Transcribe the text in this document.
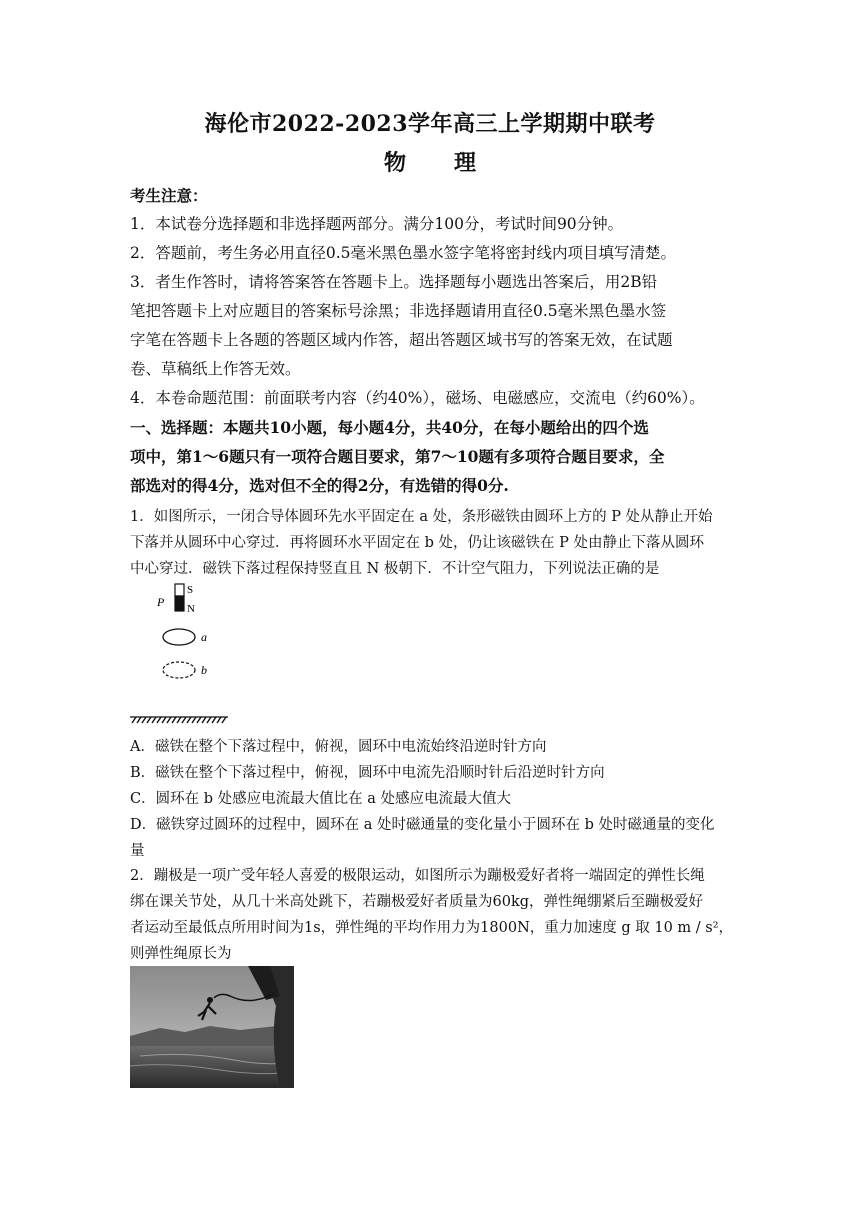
海伦市2022-2023学年高三上学期期中联考
物理
考生注意：
1．本试卷分选择题和非选择题两部分。满分100分，考试时间90分钟。
2．答题前，考生务必用直径0.5毫米黑色墨水签字笔将密封线内项目填写清楚。
3．者生作答时，请将答案答在答题卡上。选择题每小题选出答案后，用2B铅
笔把答题卡上对应题目的答案标号涂黑；非选择题请用直径0.5毫米黑色墨水签
字笔在答题卡上各题的答题区域内作答，超出答题区域书写的答案无效，在试题
卷、草稿纸上作答无效。
4．本卷命题范围：前面联考内容（约40%），磁场、电磁感应，交流电（约60%）。
一、选择题：本题共10小题，每小题4分，共40分，在每小题给出的四个选
项中，第1～6题只有一项符合题目要求，第7～10题有多项符合题目要求，全
部选对的得4分，选对但不全的得2分，有选错的得0分.
1．如图所示，一闭合导体圆环先水平固定在 a 处，条形磁铁由圆环上方的 P 处从静止开始
下落并从圆环中心穿过．再将圆环水平固定在 b 处，仍让该磁铁在 P 处由静止下落从圆环
中心穿过．磁铁下落过程保持竖直且 N 极朝下．不计空气阻力，下列说法正确的是
P
S
N
a
b
A．磁铁在整个下落过程中，俯视，圆环中电流始终沿逆时针方向
B．磁铁在整个下落过程中，俯视，圆环中电流先沿顺时针后沿逆时针方向
C．圆环在 b 处感应电流最大值比在 a 处感应电流最大值大
D．磁铁穿过圆环的过程中，圆环在 a 处时磁通量的变化量小于圆环在 b 处时磁通量的变化
量
2．蹦极是一项广受年轻人喜爱的极限运动，如图所示为蹦极爱好者将一端固定的弹性长绳
绑在课关节处，从几十米高处跳下，若蹦极爱好者质量为60kg，弹性绳绷紧后至蹦极爱好
者运动至最低点所用时间为1s，弹性绳的平均作用力为1800N，重力加速度 g 取 10 m / s²，
则弹性绳原长为
